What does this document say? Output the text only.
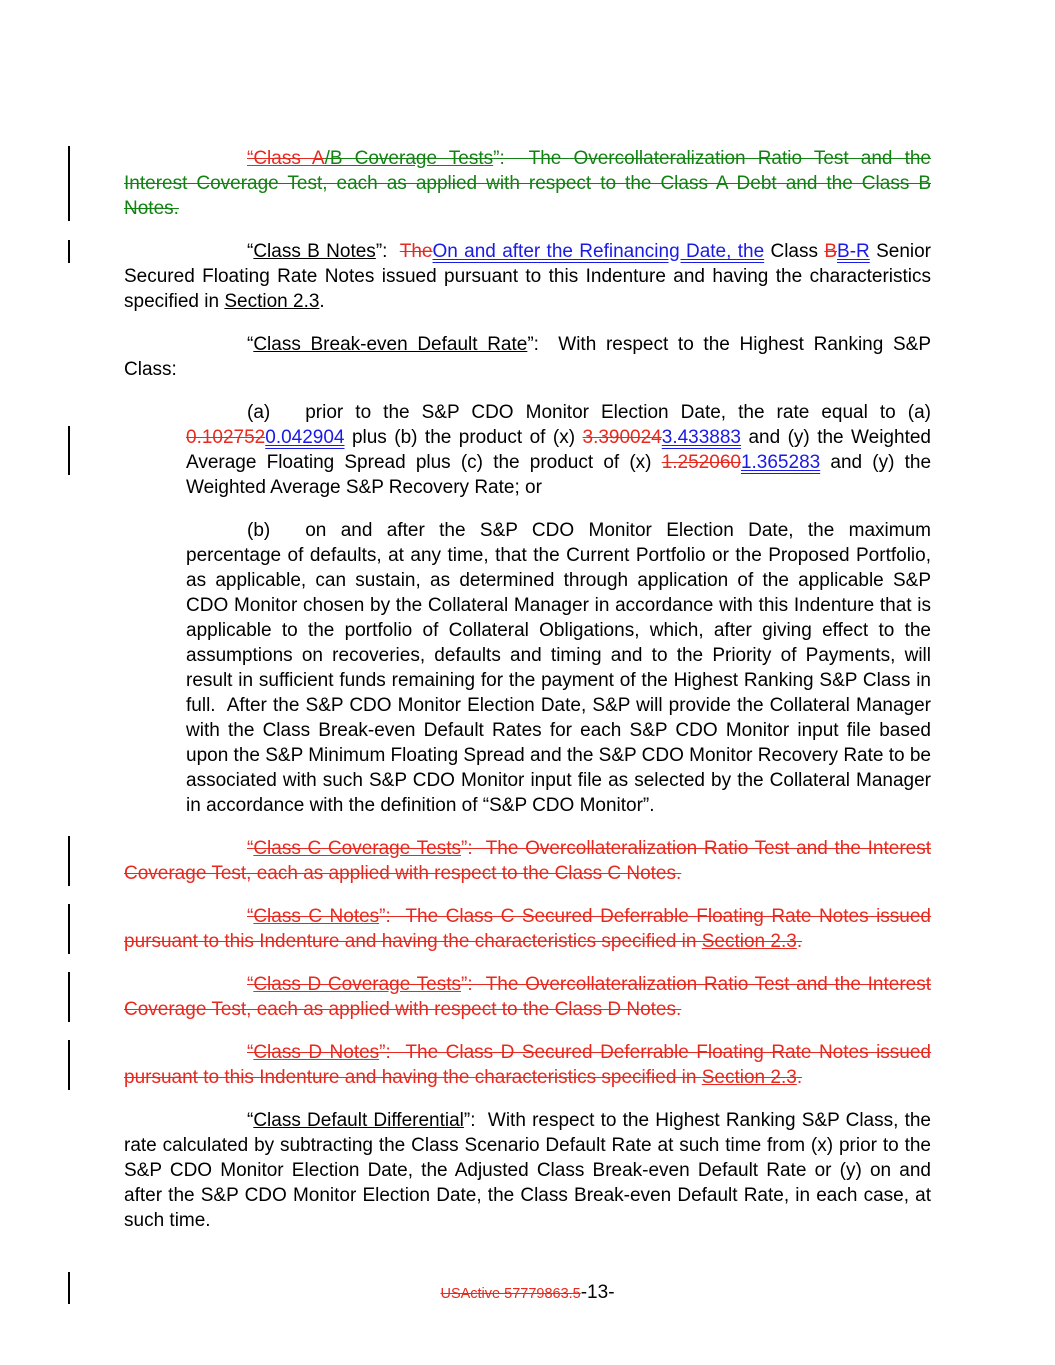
“Class A/B Coverage Tests”:  The Overcollateralization Ratio Test and the Interest Coverage Test, each as applied with respect to the Class A Debt and the Class B Notes.

“Class B Notes”:  TheOn and after the Refinancing Date, the Class BB-R Senior Secured Floating Rate Notes issued pursuant to this Indenture and having the characteristics specified in Section 2.3.

“Class Break-even Default Rate”:  With respect to the Highest Ranking S&P Class:

(a) prior to the S&P CDO Monitor Election Date, the rate equal to (a) 0.1027520.042904 plus (b) the product of (x) 3.3900243.433883 and (y) the Weighted Average Floating Spread plus (c) the product of (x) 1.2520601.365283 and (y) the Weighted Average S&P Recovery Rate; or

(b) on and after the S&P CDO Monitor Election Date, the maximum percentage of defaults, at any time, that the Current Portfolio or the Proposed Portfolio, as applicable, can sustain, as determined through application of the applicable S&P CDO Monitor chosen by the Collateral Manager in accordance with this Indenture that is applicable to the portfolio of Collateral Obligations, which, after giving effect to the assumptions on recoveries, defaults and timing and to the Priority of Payments, will result in sufficient funds remaining for the payment of the Highest Ranking S&P Class in full.  After the S&P CDO Monitor Election Date, S&P will provide the Collateral Manager with the Class Break-even Default Rates for each S&P CDO Monitor input file based upon the S&P Minimum Floating Spread and the S&P CDO Monitor Recovery Rate to be associated with such S&P CDO Monitor input file as selected by the Collateral Manager in accordance with the definition of “S&P CDO Monitor”.

“Class C Coverage Tests”:  The Overcollateralization Ratio Test and the Interest Coverage Test, each as applied with respect to the Class C Notes.

“Class C Notes”:  The Class C Secured Deferrable Floating Rate Notes issued pursuant to this Indenture and having the characteristics specified in Section 2.3.

“Class D Coverage Tests”:  The Overcollateralization Ratio Test and the Interest Coverage Test, each as applied with respect to the Class D Notes.

“Class D Notes”:  The Class D Secured Deferrable Floating Rate Notes issued pursuant to this Indenture and having the characteristics specified in Section 2.3.

“Class Default Differential”:  With respect to the Highest Ranking S&P Class, the rate calculated by subtracting the Class Scenario Default Rate at such time from (x) prior to the S&P CDO Monitor Election Date, the Adjusted Class Break-even Default Rate or (y) on and after the S&P CDO Monitor Election Date, the Class Break-even Default Rate, in each case, at such time.

USActive 57779863.5-13-
